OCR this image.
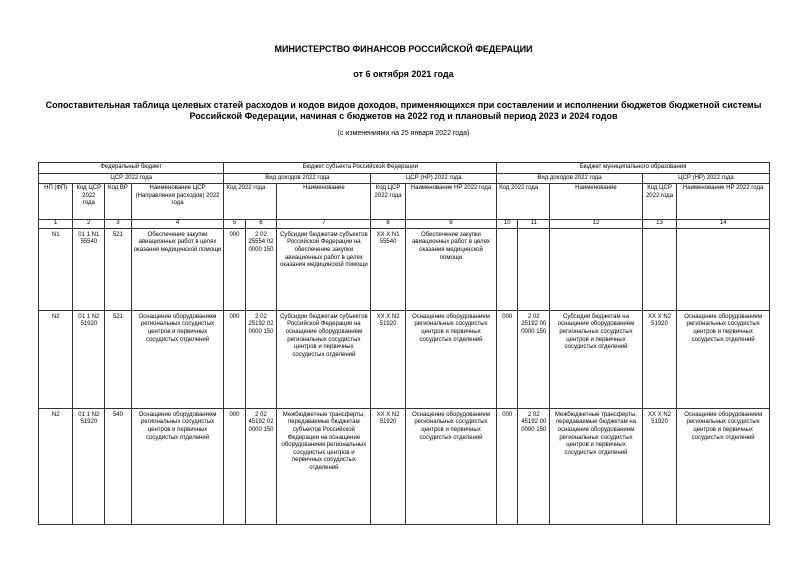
МИНИСТЕРСТВО ФИНАНСОВ РОССИЙСКОЙ ФЕДЕРАЦИИ
от 6 октября 2021 года
Сопоставительная таблица целевых статей расходов и кодов видов доходов, применяющихся при составлении и исполнении бюджетов бюджетной системы Российской Федерации, начиная с бюджетов на 2022 год и плановый период 2023 и 2024 годов
(с изменениями на 25 января 2022 года)
Федеральный бюджет				Бюджет субъекта Российской Федерации					Бюджет муниципального образования				
ЦСР 2022 года				Вид доходов 2022 года			ЦСР (НР) 2022 года		Вид доходов 2022 года			ЦСР (НР) 2022 года	
НП (ФП)	Код ЦСР 2022 года	Код ВР	Наименование ЦСР (Направления расходов) 2022 года	Код 2022 года		Наименование	Код ЦСР 2022 года	Наименование НР 2022 года	Код 2022 года		Наименование	Код ЦСР 2022 года	Наименование НР 2022 года
1	2	3	4	5	6	7	8	9	10	11	12	13	14
N1	01 1 N1 55540	521	Обеспечение закупки авиационных работ в целях оказания медицинской помощи	000	2 02 25554 02 0000 150	Субсидии бюджетам субъектов Российской Федерации на обеспечение закупки авиационных работ в целях оказания медицинской помощи	XX X N1 55540	Обеспечение закупки авиационных работ в целях оказания медицинской помощи					
N2	01 1 N2 51920	521	Оснащение оборудованием региональных сосудистых центров и первичных сосудистых отделений	000	2 02 25192 02 0000 150	Субсидии бюджетам субъектов Российской Федерации на оснащение оборудованием региональных сосудистых центров и первичных сосудистых отделений	XX X N2 51920	Оснащение оборудованием региональных сосудистых центров и первичных сосудистых отделений	000	2 02 25192 00 0000 150	Субсидии бюджетам на оснащение оборудованием региональных сосудистых центров и первичных сосудистых отделений	XX X N2 51920	Оснащение оборудованием региональных сосудистых центров и первичных сосудистых отделений
N2	01 1 N2 51920	540	Оснащение оборудованием региональных сосудистых центров и первичных сосудистых отделений	000	2 02 45192 02 0000 150	Межбюджетные трансферты, передаваемые бюджетам субъектов Российской Федерации на оснащение оборудованием региональных сосудистых центров и первичных сосудистых отделений	XX X N2 51920	Оснащение оборудованием региональных сосудистых центров и первичных сосудистых отделений	000	2 02 45192 00 0000 150	Межбюджетные трансферты, передаваемые бюджетам на оснащение оборудованием региональных сосудистых центров и первичных сосудистых отделений	XX X N2 51920	Оснащение оборудованием региональных сосудистых центров и первичных сосудистых отделений
